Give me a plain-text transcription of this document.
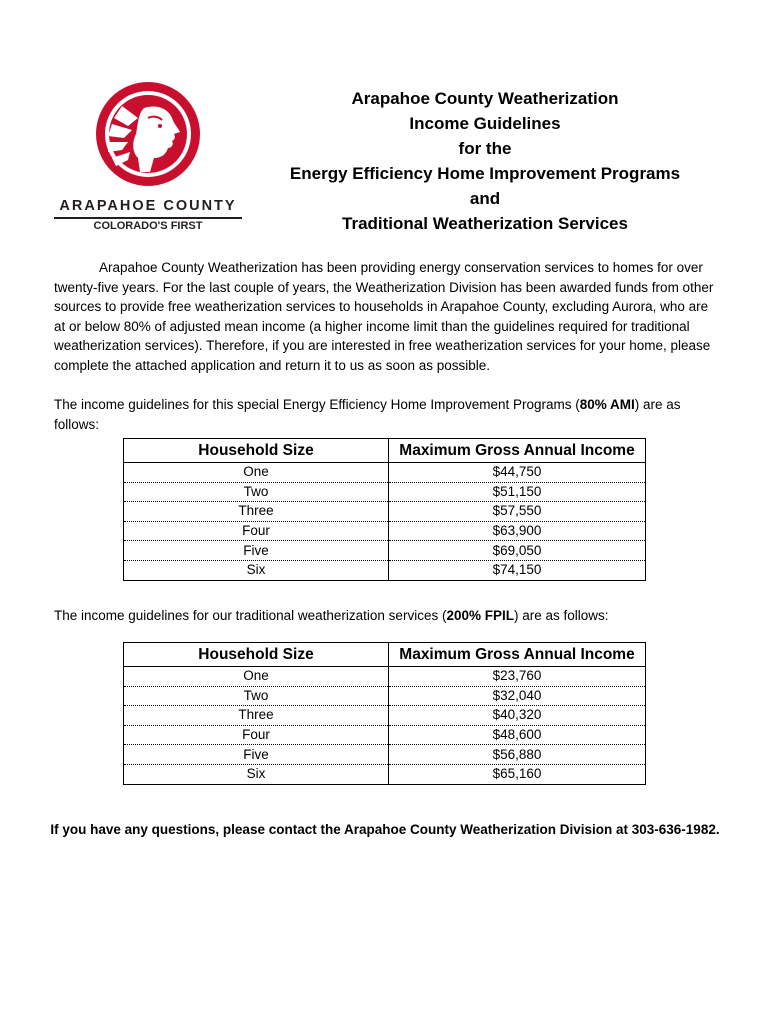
ARAPAHOE COUNTY
COLORADO'S FIRST
Arapahoe County Weatherization
Income Guidelines
for the
Energy Efficiency Home Improvement Programs
and
Traditional Weatherization Services
Arapahoe County Weatherization has been providing energy conservation services to homes for over twenty-five years. For the last couple of years, the Weatherization Division has been awarded funds from other sources to provide free weatherization services to households in Arapahoe County, excluding Aurora, who are at or below 80% of adjusted mean income (a higher income limit than the guidelines required for traditional weatherization services). Therefore, if you are interested in free weatherization services for your home, please complete the attached application and return it to us as soon as possible.
The income guidelines for this special Energy Efficiency Home Improvement Programs (80% AMI) are as follows:
Household Size	Maximum Gross Annual Income
One	$44,750
Two	$51,150
Three	$57,550
Four	$63,900
Five	$69,050
Six	$74,150
The income guidelines for our traditional weatherization services (200% FPIL) are as follows:
Household Size	Maximum Gross Annual Income
One	$23,760
Two	$32,040
Three	$40,320
Four	$48,600
Five	$56,880
Six	$65,160
If you have any questions, please contact the Arapahoe County Weatherization Division at 303-636-1982.
